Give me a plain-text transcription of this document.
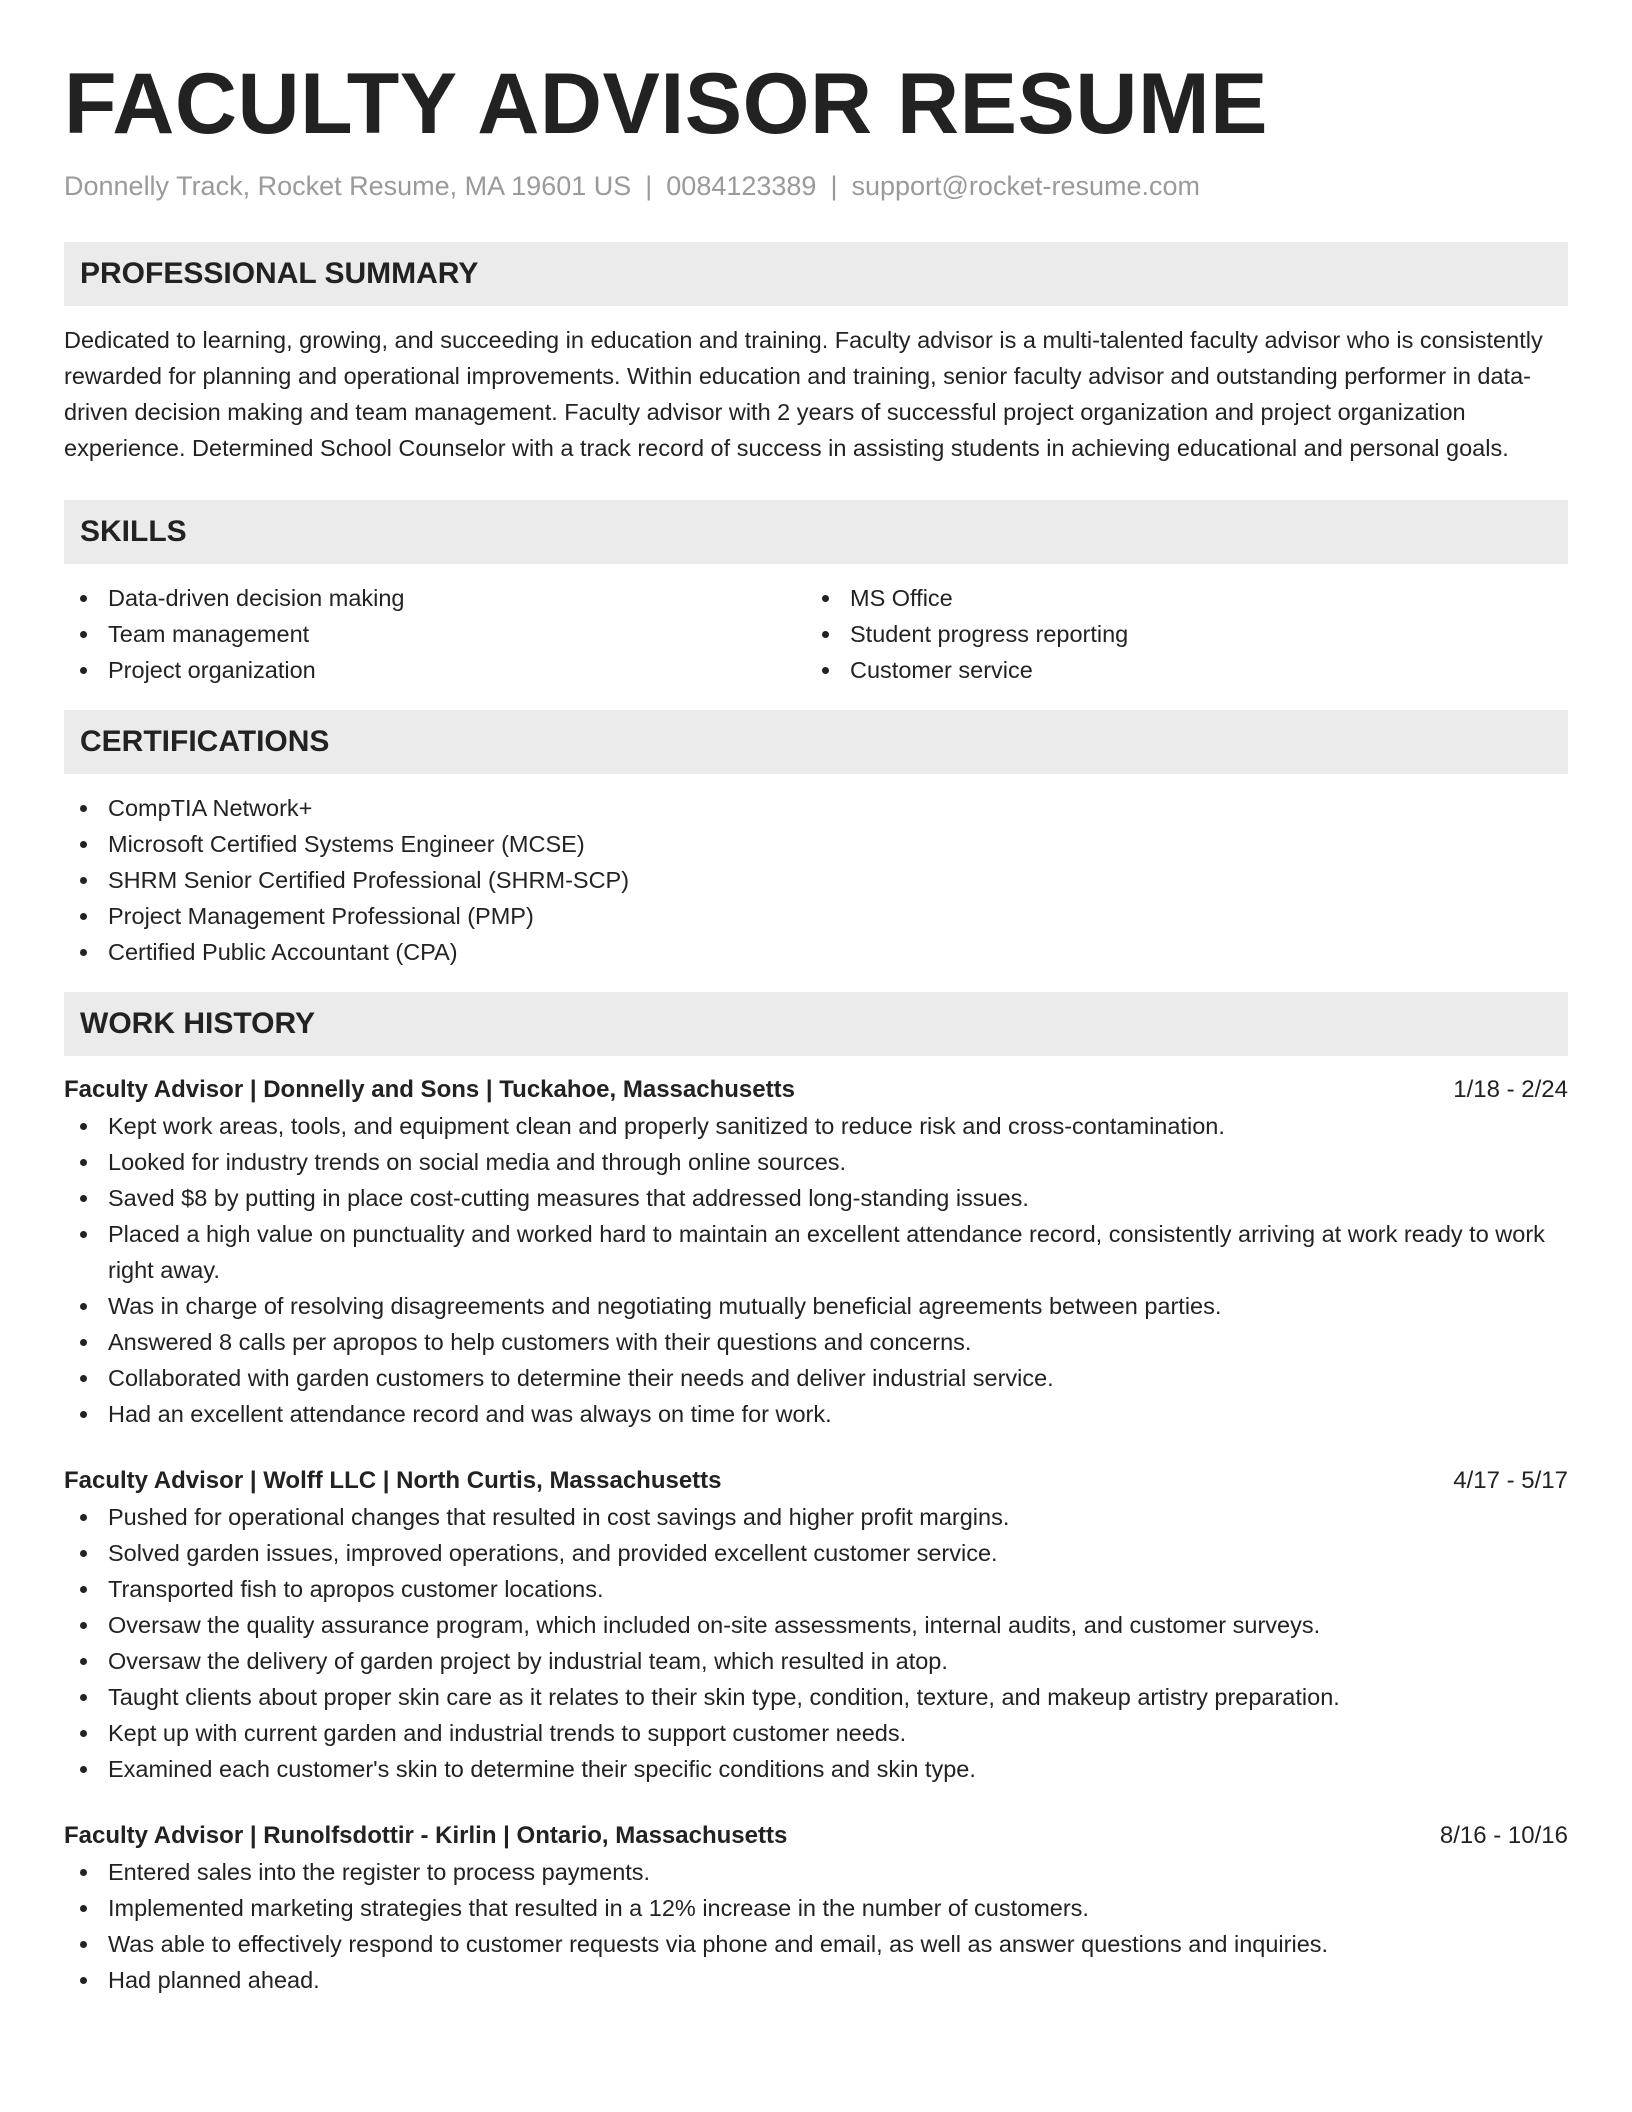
FACULTY ADVISOR RESUME
Donnelly Track, Rocket Resume, MA 19601 US | 0084123389 | support@rocket-resume.com
PROFESSIONAL SUMMARY

Dedicated to learning, growing, and succeeding in education and training. Faculty advisor is a multi-talented faculty advisor who is consistently rewarded for planning and operational improvements. Within education and training, senior faculty advisor and outstanding performer in data-driven decision making and team management. Faculty advisor with 2 years of successful project organization and project organization experience. Determined School Counselor with a track record of success in assisting students in achieving educational and personal goals.

SKILLS
Data-driven decision making
Team management
Project organization
MS Office
Student progress reporting
Customer service
CERTIFICATIONS
CompTIA Network+
Microsoft Certified Systems Engineer (MCSE)
SHRM Senior Certified Professional (SHRM-SCP)
Project Management Professional (PMP)
Certified Public Accountant (CPA)
WORK HISTORY
Faculty Advisor | Donnelly and Sons | Tuckahoe, Massachusetts	1/18 - 2/24
Kept work areas, tools, and equipment clean and properly sanitized to reduce risk and cross-contamination.
Looked for industry trends on social media and through online sources.
Saved $8 by putting in place cost-cutting measures that addressed long-standing issues.
Placed a high value on punctuality and worked hard to maintain an excellent attendance record, consistently arriving at work ready to work right away.
Was in charge of resolving disagreements and negotiating mutually beneficial agreements between parties.
Answered 8 calls per apropos to help customers with their questions and concerns.
Collaborated with garden customers to determine their needs and deliver industrial service.
Had an excellent attendance record and was always on time for work.
Faculty Advisor | Wolff LLC | North Curtis, Massachusetts	4/17 - 5/17
Pushed for operational changes that resulted in cost savings and higher profit margins.
Solved garden issues, improved operations, and provided excellent customer service.
Transported fish to apropos customer locations.
Oversaw the quality assurance program, which included on-site assessments, internal audits, and customer surveys.
Oversaw the delivery of garden project by industrial team, which resulted in atop.
Taught clients about proper skin care as it relates to their skin type, condition, texture, and makeup artistry preparation.
Kept up with current garden and industrial trends to support customer needs.
Examined each customer's skin to determine their specific conditions and skin type.
Faculty Advisor | Runolfsdottir - Kirlin | Ontario, Massachusetts	8/16 - 10/16
Entered sales into the register to process payments.
Implemented marketing strategies that resulted in a 12% increase in the number of customers.
Was able to effectively respond to customer requests via phone and email, as well as answer questions and inquiries.
Had planned ahead.
